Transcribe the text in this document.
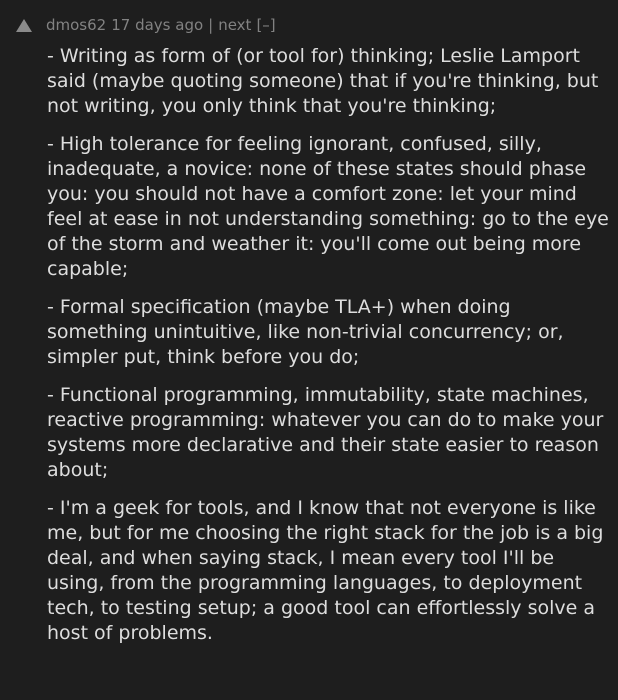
dmos62 17 days ago | next [–]

- Writing as form of (or tool for) thinking; Leslie Lamport said (maybe quoting someone) that if you're thinking, but not writing, you only think that you're thinking;

- High tolerance for feeling ignorant, confused, silly, inadequate, a novice: none of these states should phase you: you should not have a comfort zone: let your mind feel at ease in not understanding something: go to the eye of the storm and weather it: you'll come out being more capable;

- Formal specification (maybe TLA+) when doing something unintuitive, like non-trivial concurrency; or, simpler put, think before you do;

- Functional programming, immutability, state machines, reactive programming: whatever you can do to make your systems more declarative and their state easier to reason about;

- I'm a geek for tools, and I know that not everyone is like me, but for me choosing the right stack for the job is a big deal, and when saying stack, I mean every tool I'll be using, from the programming languages, to deployment tech, to testing setup; a good tool can effortlessly solve a host of problems.
